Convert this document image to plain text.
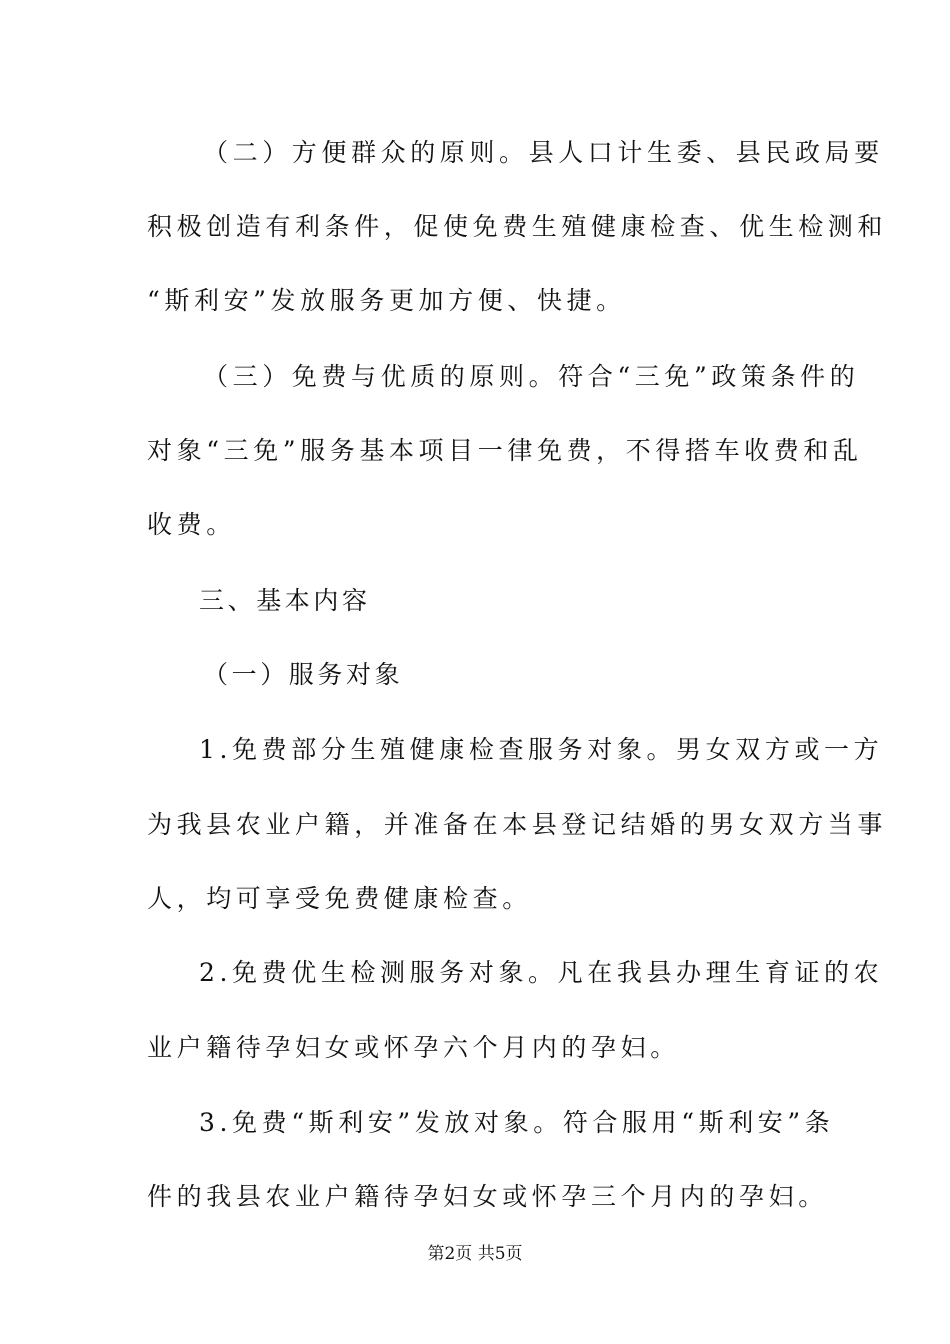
（二）方便群众的原则。县人口计生委、县民政局要
积极创造有利条件，促使免费生殖健康检查、优生检测和
“斯利安”发放服务更加方便、快捷。
（三）免费与优质的原则。符合“三免”政策条件的
对象“三免”服务基本项目一律免费，不得搭车收费和乱
收费。
三、基本内容
（一）服务对象
1.免费部分生殖健康检查服务对象。男女双方或一方
为我县农业户籍，并准备在本县登记结婚的男女双方当事
人，均可享受免费健康检查。
2.免费优生检测服务对象。凡在我县办理生育证的农
业户籍待孕妇女或怀孕六个月内的孕妇。
3.免费“斯利安”发放对象。符合服用“斯利安”条
件的我县农业户籍待孕妇女或怀孕三个月内的孕妇。
第2页 共5页
